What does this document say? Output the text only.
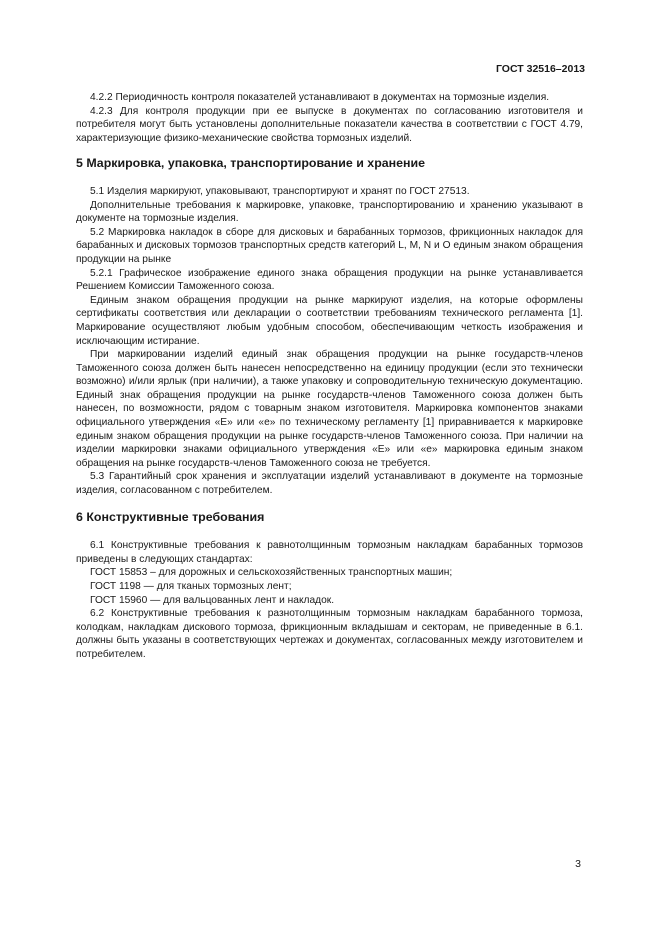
ГОСТ 32516–2013

4.2.2 Периодичность контроля показателей устанавливают в документах на тормозные изделия.

4.2.3 Для контроля продукции при ее выпуске в документах по согласованию изготовителя и потребителя могут быть установлены дополнительные показатели качества в соответствии с ГОСТ 4.79, характеризующие физико-механические свойства тормозных изделий.

5 Маркировка, упаковка, транспортирование и хранение

5.1 Изделия маркируют, упаковывают, транспортируют и хранят по ГОСТ 27513.

Дополнительные требования к маркировке, упаковке, транспортированию и хранению указывают в документе на тормозные изделия.

5.2 Маркировка накладок в сборе для дисковых и барабанных тормозов, фрикционных накладок для барабанных и дисковых тормозов транспортных средств категорий L, M, N и O единым знаком обращения продукции на рынке

5.2.1 Графическое изображение единого знака обращения продукции на рынке устанавливается Решением Комиссии Таможенного союза.

Единым знаком обращения продукции на рынке маркируют изделия, на которые оформлены сертификаты соответствия или декларации о соответствии требованиям технического регламента [1]. Маркирование осуществляют любым удобным способом, обеспечивающим четкость изображения и исключающим истирание.

При маркировании изделий единый знак обращения продукции на рынке государств-членов Таможенного союза должен быть нанесен непосредственно на единицу продукции (если это технически возможно) и/или ярлык (при наличии), а также упаковку и сопроводительную техническую документацию. Единый знак обращения продукции на рынке государств-членов Таможенного союза должен быть нанесен, по возможности, рядом с товарным знаком изготовителя. Маркировка компонентов знаками официального утверждения «E» или «e» по техническому регламенту [1] приравнивается к маркировке единым знаком обращения продукции на рынке государств-членов Таможенного союза. При наличии на изделии маркировки знаками официального утверждения «E» или «e» маркировка единым знаком обращения на рынке государств-членов Таможенного союза не требуется.

5.3 Гарантийный срок хранения и эксплуатации изделий устанавливают в документе на тормозные изделия, согласованном с потребителем.

6 Конструктивные требования

6.1 Конструктивные требования к равнотолщинным тормозным накладкам барабанных тормозов приведены в следующих стандартах:

ГОСТ 15853 – для дорожных и сельскохозяйственных транспортных машин;

ГОСТ 1198 — для тканых тормозных лент;

ГОСТ 15960 — для вальцованных лент и накладок.

6.2 Конструктивные требования к разнотолщинным тормозным накладкам барабанного тормоза, колодкам, накладкам дискового тормоза, фрикционным вкладышам и секторам, не приведенные в 6.1. должны быть указаны в соответствующих чертежах и документах, согласованных между изготовителем и потребителем.

3
